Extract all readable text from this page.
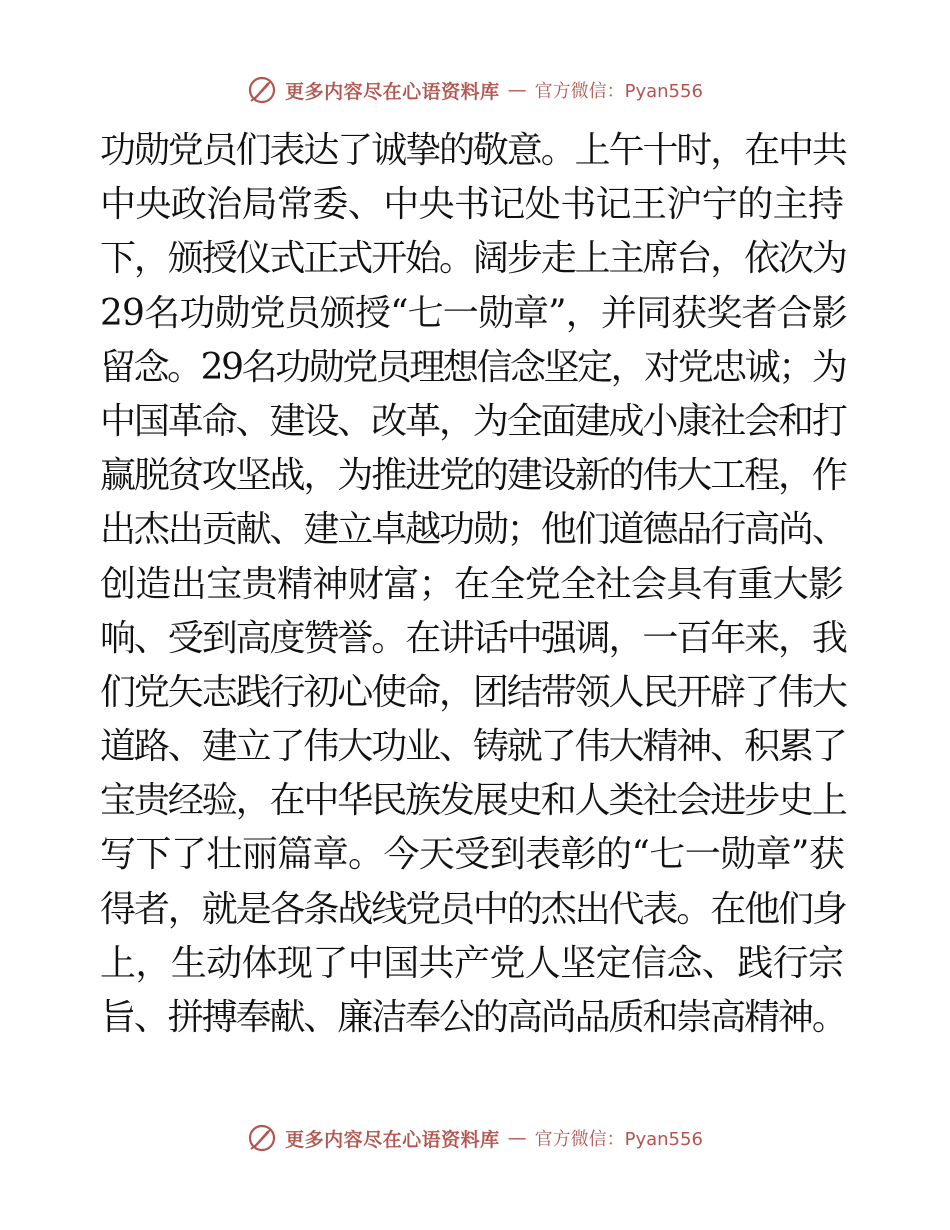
更多内容尽在心语资料库 — 官方微信：Pyan556
功勋党员们表达了诚挚的敬意。上午十时，在中共
中央政治局常委、中央书记处书记王沪宁的主持
下，颁授仪式正式开始。阔步走上主席台，依次为
29名功勋党员颁授“七一勋章”，并同获奖者合影
留念。29名功勋党员理想信念坚定，对党忠诚；为
中国革命、建设、改革，为全面建成小康社会和打
赢脱贫攻坚战，为推进党的建设新的伟大工程，作
出杰出贡献、建立卓越功勋；他们道德品行高尚、
创造出宝贵精神财富；在全党全社会具有重大影
响、受到高度赞誉。在讲话中强调，一百年来，我
们党矢志践行初心使命，团结带领人民开辟了伟大
道路、建立了伟大功业、铸就了伟大精神、积累了
宝贵经验，在中华民族发展史和人类社会进步史上
写下了壮丽篇章。今天受到表彰的“七一勋章”获
得者，就是各条战线党员中的杰出代表。在他们身
上，生动体现了中国共产党人坚定信念、践行宗
旨、拼搏奉献、廉洁奉公的高尚品质和崇高精神。
更多内容尽在心语资料库 — 官方微信：Pyan556
